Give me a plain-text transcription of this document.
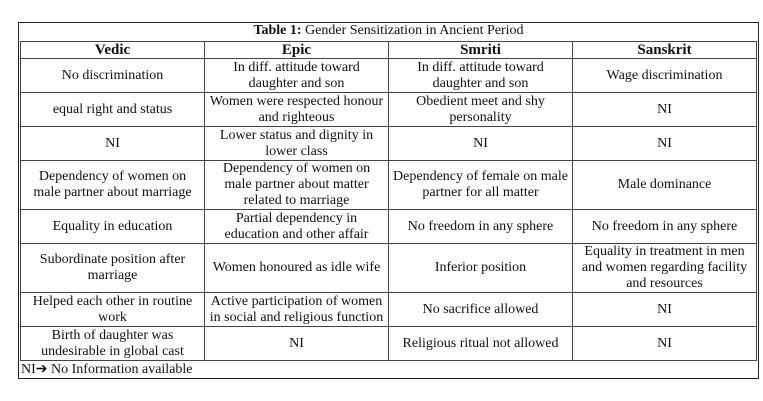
Table 1: Gender Sensitization in Ancient Period
Vedic	Epic	Smriti	Sanskrit
No discrimination	In diff. attitude toward daughter and son	In diff. attitude toward daughter and son	Wage discrimination
equal right and status	Women were respected honour and righteous	Obedient meet and shy personality	NI
NI	Lower status and dignity in lower class	NI	NI
Dependency of women on male partner about marriage	Dependency of women on male partner about matter related to marriage	Dependency of female on male partner for all matter	Male dominance
Equality in education	Partial dependency in education and other affair	No freedom in any sphere	No freedom in any sphere
Subordinate position after marriage	Women honoured as idle wife	Inferior position	Equality in treatment in men and women regarding facility and resources
Helped each other in routine work	Active participation of women in social and religious function	No sacrifice allowed	NI
Birth of daughter was undesirable in global cast	NI	Religious ritual not allowed	NI
NI➔ No Information available
